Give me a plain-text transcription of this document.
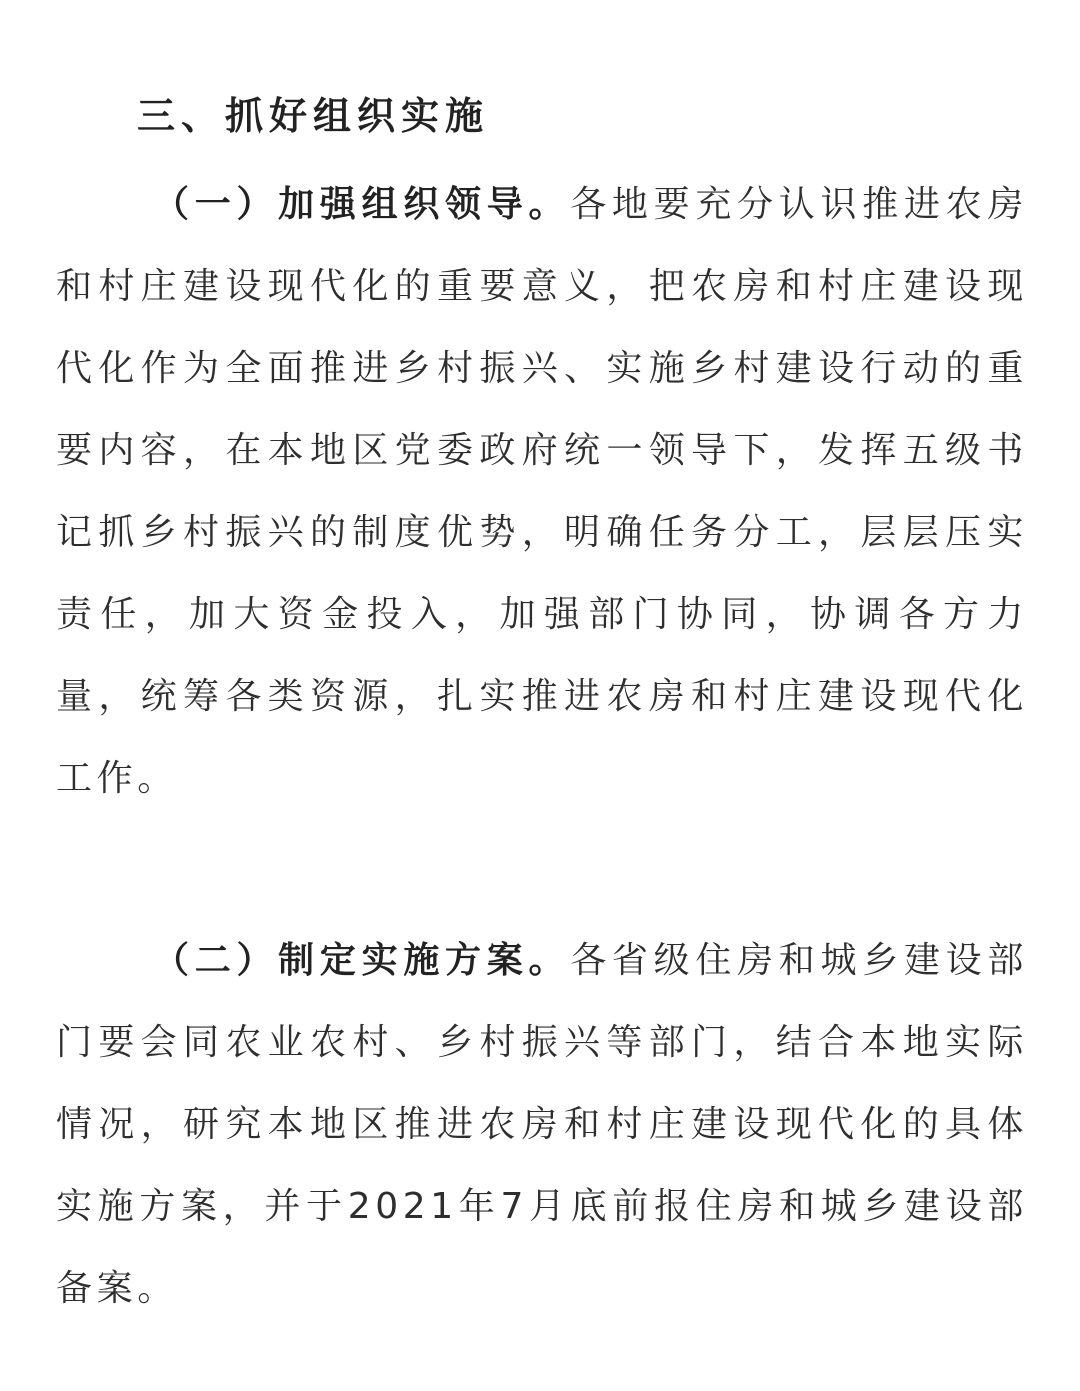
三、抓好组织实施

（一）加强组织领导。各地要充分认识推进农房和村庄建设现代化的重要意义，把农房和村庄建设现代化作为全面推进乡村振兴、实施乡村建设行动的重要内容，在本地区党委政府统一领导下，发挥五级书记抓乡村振兴的制度优势，明确任务分工，层层压实责任，加大资金投入，加强部门协同，协调各方力量，统筹各类资源，扎实推进农房和村庄建设现代化工作。

（二）制定实施方案。各省级住房和城乡建设部门要会同农业农村、乡村振兴等部门，结合本地实际情况，研究本地区推进农房和村庄建设现代化的具体实施方案，并于2021年7月底前报住房和城乡建设部备案。
